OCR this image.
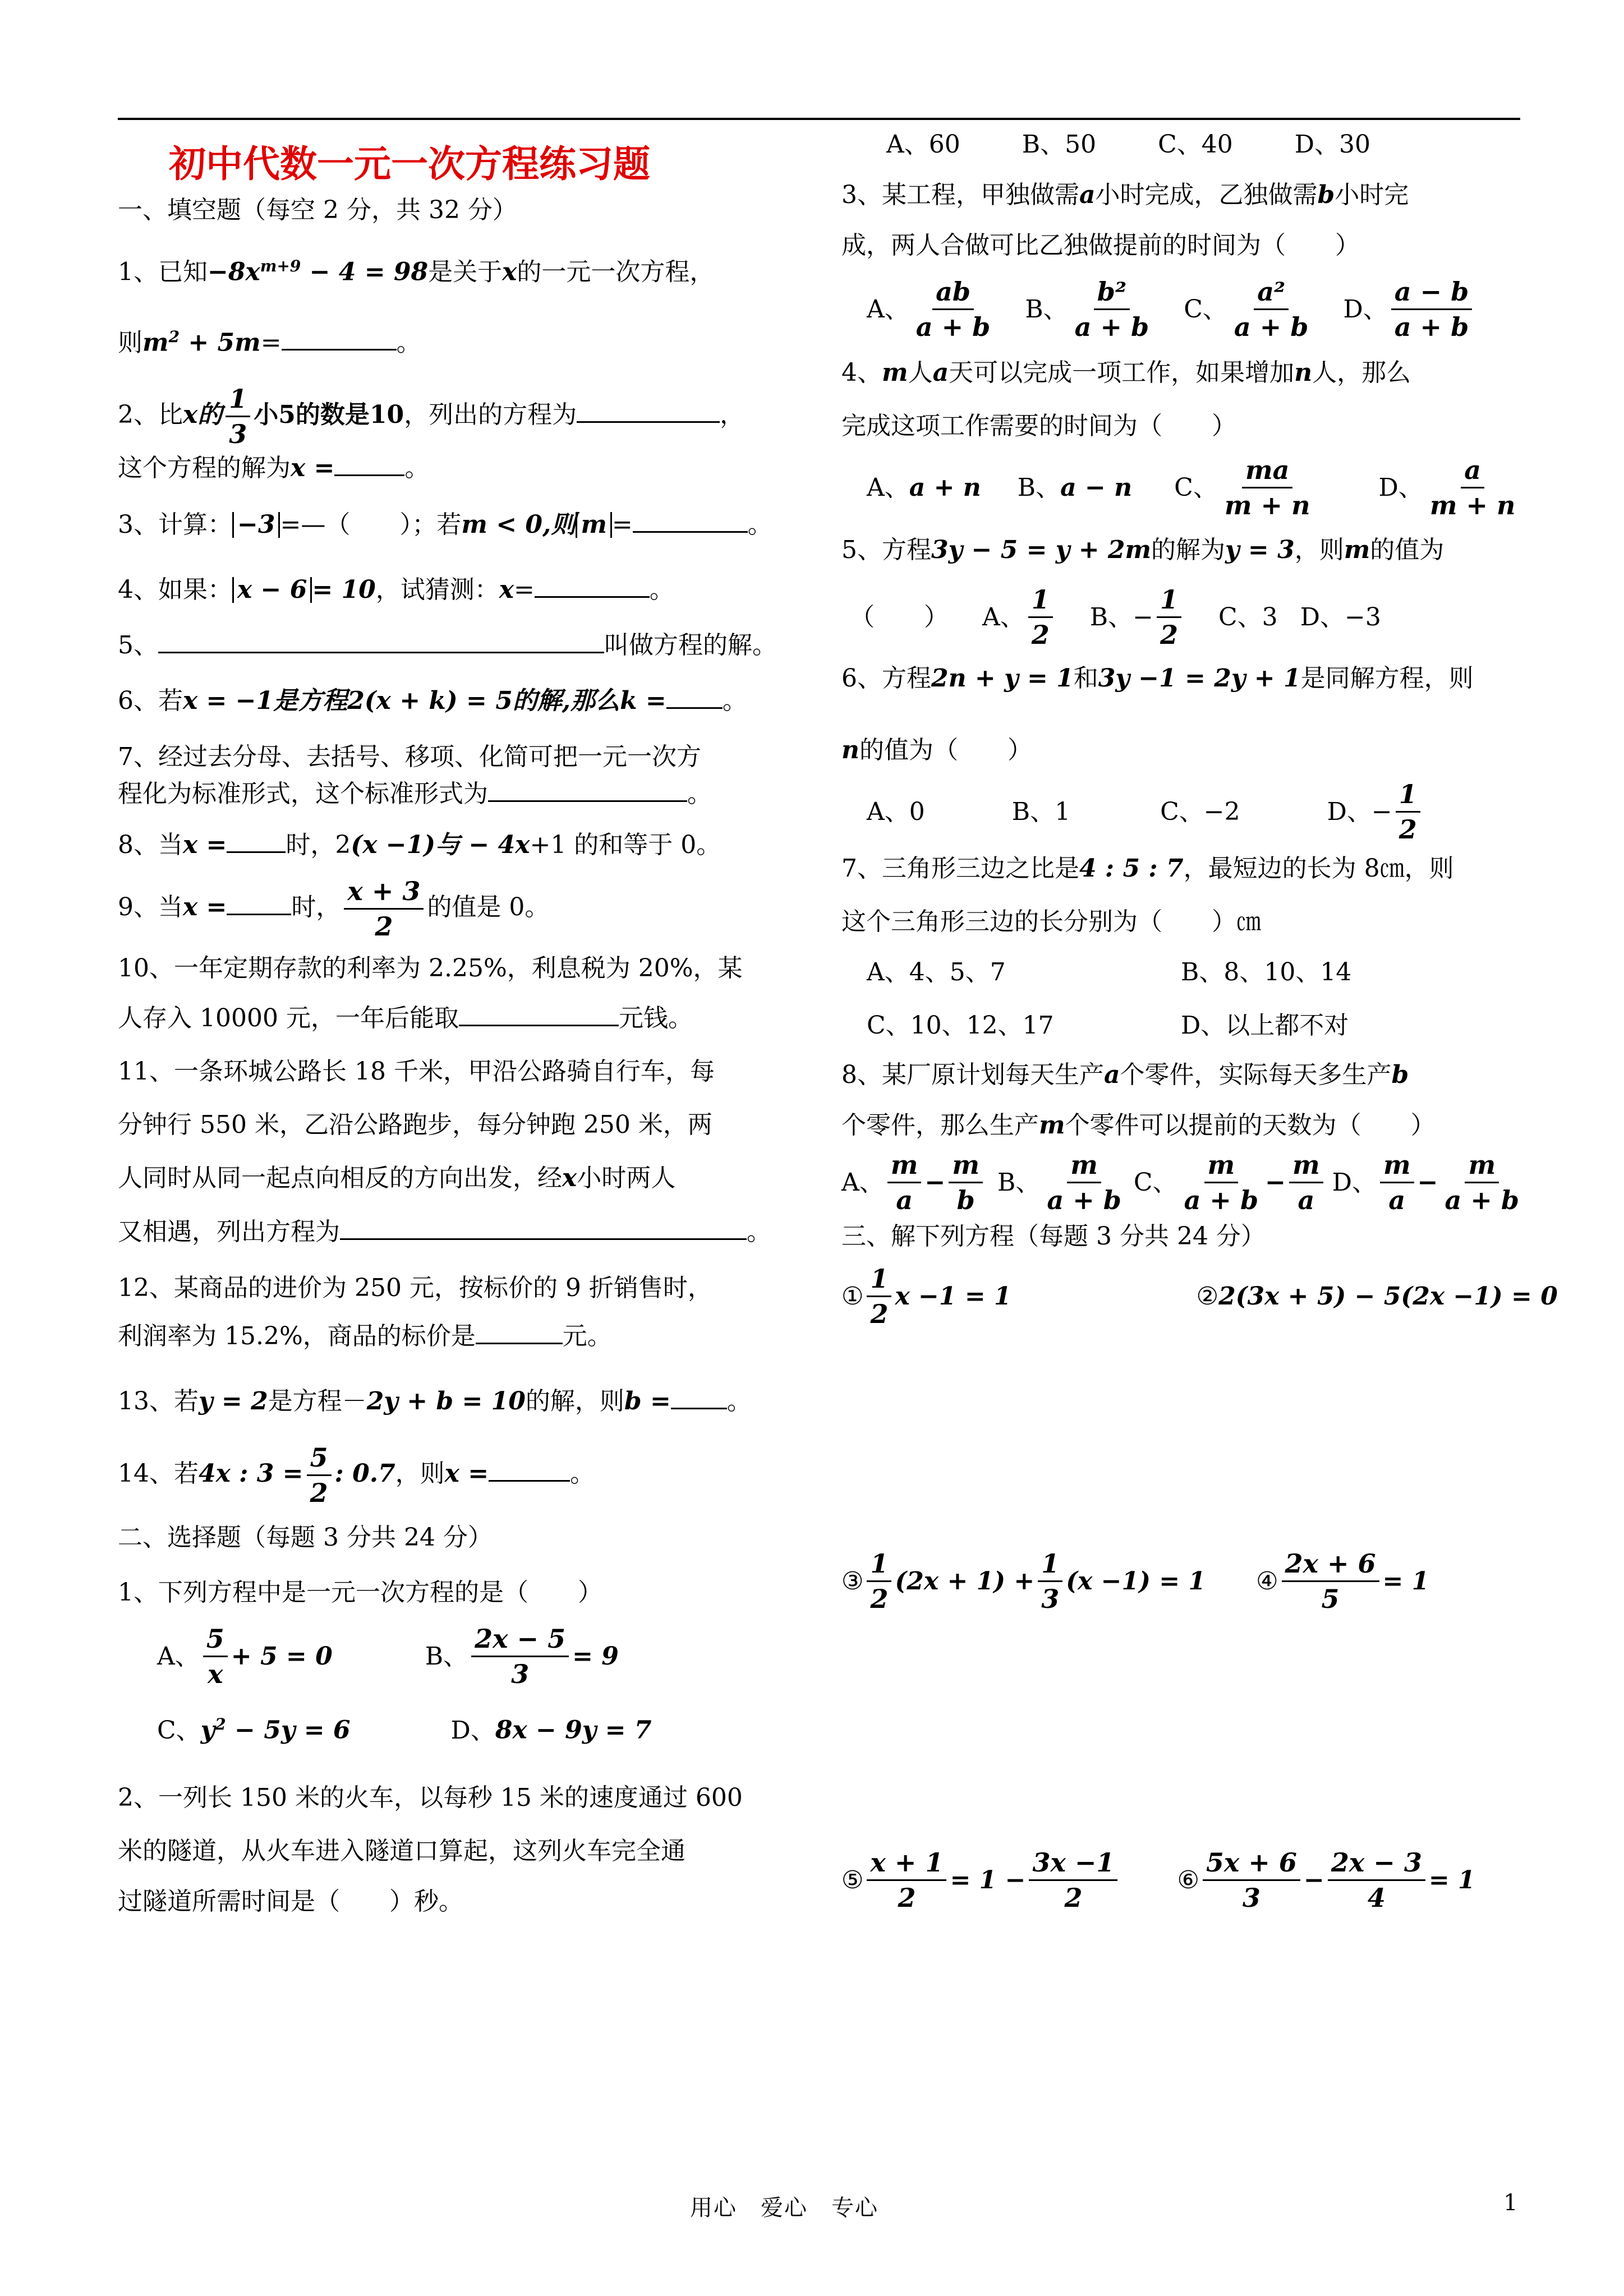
初中代数一元一次方程练习题
一、填空题（每空 2 分，共 32 分）
1、已知$-8x^{m+9} - 4 = 98$是关于x的一元一次方程，
则$m^2 + 5m=$	。
2、比x的 $\frac{1}{3}$ 小5的数是10，列出的方程为	，
这个方程的解为x =	。
3、计算： −3 =—（　　）；若m < 0,则 m =	。
4、如果： x − 6 = 10，试猜测：x=	。
5、	叫做方程的解。
6、若x = −1是方程2(x + k) = 5的解,那么k = 。
7、经过去分母、去括号、移项、化简可把一元一次方
程化为标准形式，这个标准形式为	。
8、当x = 时，2(x −1)与 − 4x+1 的和等于 0。
9、当x =	时， $\frac{x + 3}{2}$ 的值是 0。
10、一年定期存款的利率为 2.25%，利息税为 20%，某
人存入 10000 元，一年后能取	元钱。
11、一条环城公路长 18 千米，甲沿公路骑自行车，每
分钟行 550 米，乙沿公路跑步，每分钟跑 250 米，两
人同时从同一起点向相反的方向出发，经x小时两人
又相遇，列出方程为	。
12、某商品的进价为 250 元，按标价的 9 折销售时，
利润率为 15.2%，商品的标价是	元。
13、若y = 2是方程－2y + b = 10的解，则b = 。
14、若4x : $3 = \frac{5}{2}$ : 0.7，则x =	。
二、选择题（每题 3 分共 24 分）
1、下列方程中是一元一次方程的是（　　）
A、 $\frac{5}{x} + 5 = 0$	B、 $\frac{2x - 5}{3} = 9$
C、$y^2 - 5y = 6$	D、8x − 9y = 7
2、一列长 150 米的火车，以每秒 15 米的速度通过 600
米的隧道，从火车进入隧道口算起，这列火车完全通
过隧道所需时间是（　　）秒。
A、60	B、50	C、40	D、30
3、某工程，甲独做需a小时完成，乙独做需b小时完
成，两人合做可比乙独做提前的时间为（　　）
A、 $\frac{ab}{a + b}$ B、 $\frac{\text{b²}}{a + b}$ C、 $\frac{\text{a²}}{a + b}$ D、 $\frac{a - b}{a + b}$
4、m人a天可以完成一项工作，如果增加n人，那么
完成这项工作需要的时间为（　　）
A、 a + n B、 a − n C、 $\frac{ma}{m + n}$	D、 $\frac{a}{m + n}$
5、方程3y − 5 = y + 2m的解为y = 3，则m的值为
（　　） A、 $\frac{1}{2}$ B、− $\frac{1}{2}$ C、3 D、−3
6、方程2n + y = 1和3y −1 = 2y + 1是同解方程，则
n的值为（　　）
A、0	B、1	C、−2	D、− $\frac{1}{2}$
7、三角形三边之比是4 : 5 : 7，最短边的长为 8㎝，则
这个三角形三边的长分别为（　　）㎝
A、4、5、7	B、8、10、14
C、10、12、17	D、以上都不对
8、某厂原计划每天生产a个零件，实际每天多生产b
个零件，那么生产m个零件可以提前的天数为（　　）
A、 $\frac{m}{a} - \frac{m}{b}$ B、 $\frac{m}{a + b}$ C、 $\frac{m}{a + b} - \frac{m}{a}$ D、 $\frac{m}{a} - \frac{m}{a + b}$
三、解下列方程（每题 3 分共 24 分）
① $\frac{1}{2}$ x −1 = 1	② 2(3x + 5) − 5(2x −1) = 0
③ $\frac{1}{2} (2x + 1) + \frac{1}{3} (x -1) = 1$ ④ $\frac{2x + 6}{5} = 1$
⑤ $\frac{x + 1}{2} = 1 - \frac{3x -1}{2}$ ⑥ $\frac{5x + 6}{3} - \frac{2x - 3}{4} = 1$
用心　爱心　专心	1
